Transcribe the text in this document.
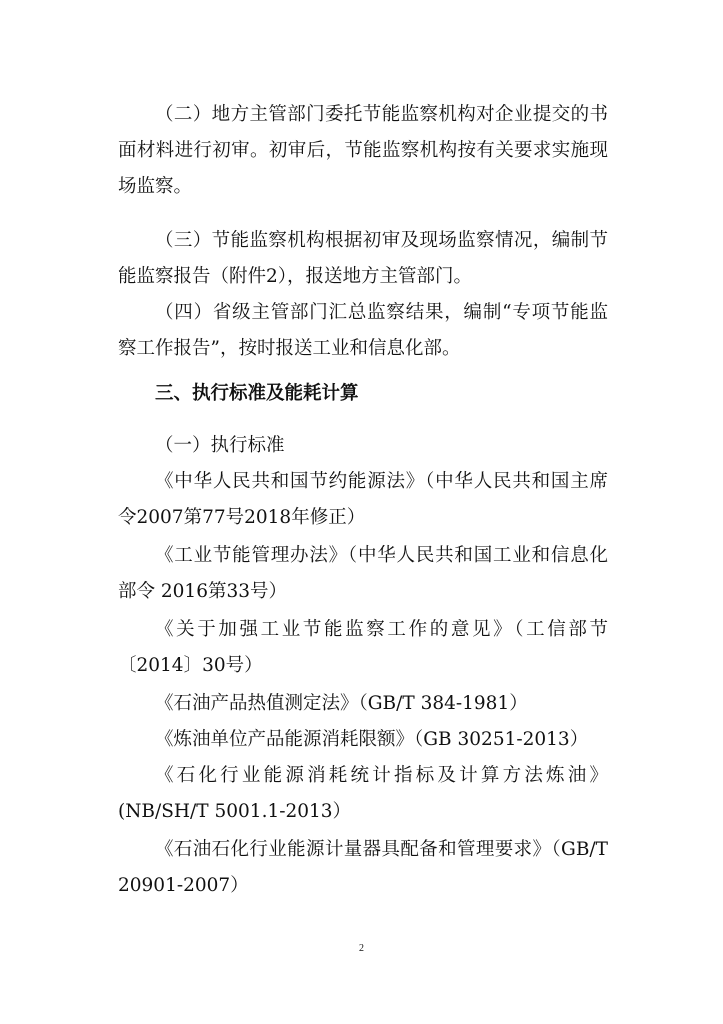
（二）地方主管部门委托节能监察机构对企业提交的书面材料进行初审。初审后，节能监察机构按有关要求实施现场监察。

（三）节能监察机构根据初审及现场监察情况，编制节能监察报告（附件2），报送地方主管部门。

（四）省级主管部门汇总监察结果，编制“专项节能监察工作报告”，按时报送工业和信息化部。

三、执行标准及能耗计算
（一）执行标准

《中华人民共和国节约能源法》（中华人民共和国主席令2007第77号2018年修正）

《工业节能管理办法》（中华人民共和国工业和信息化部令 2016第33号）

《关于加强工业节能监察工作的意见》（工信部节〔2014〕30号）

《石油产品热值测定法》（GB/T 384-1981）

《炼油单位产品能源消耗限额》（GB 30251-2013）

《石化行业能源消耗统计指标及计算方法炼油》(NB/SH/T 5001.1-2013）

《石油石化行业能源计量器具配备和管理要求》（GB/T 20901-2007）

2
